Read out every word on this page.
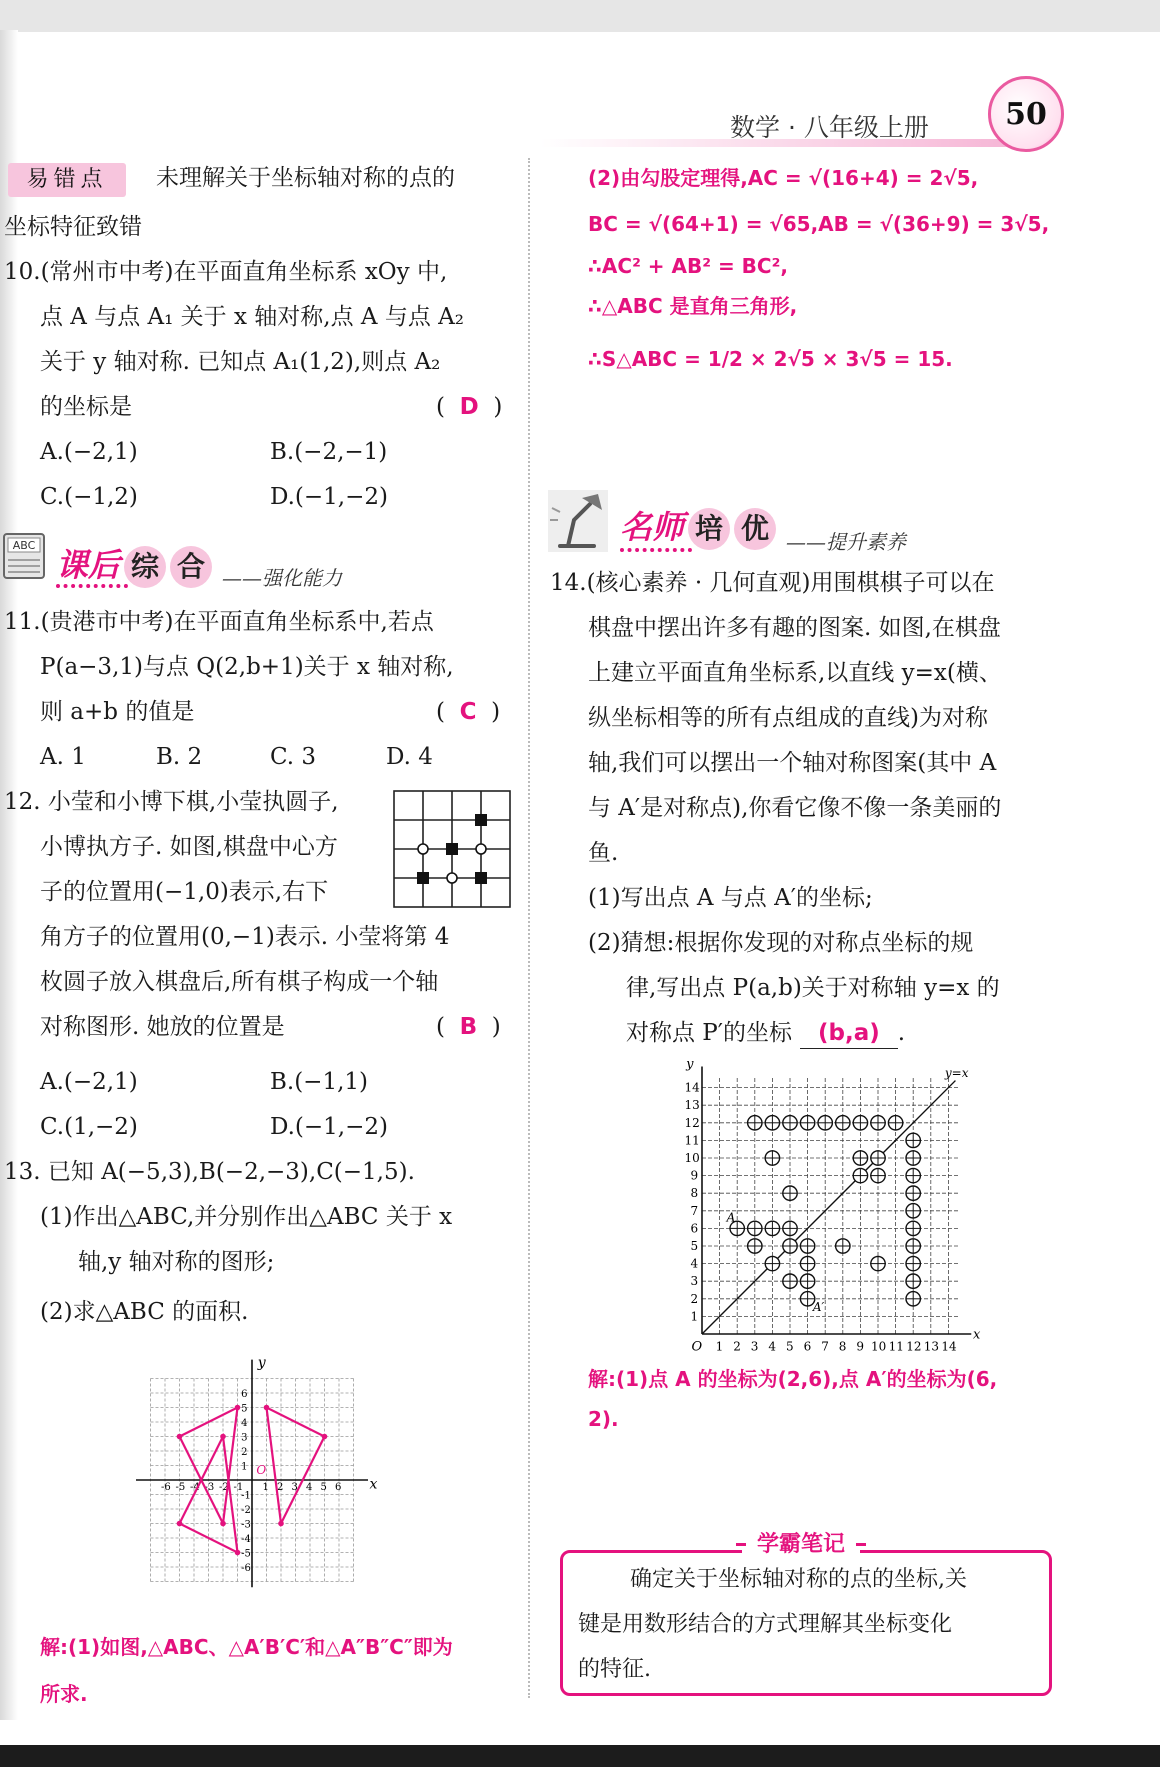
数学 · 八年级上册	50
易错点	未理解关于坐标轴对称的点的
坐标特征致错
10.(常州市中考)在平面直角坐标系 xOy 中,
点 A 与点 A₁ 关于 x 轴对称,点 A 与点 A₂
关于 y 轴对称. 已知点 A₁(1,2),则点 A₂
的坐标是	(  D  )
A.(−2,1)	B.(−2,−1)
C.(−1,2)	D.(−1,−2)
ABC
课后 综 合 ——强化能力
11.(贵港市中考)在平面直角坐标系中,若点
P(a−3,1)与点 Q(2,b+1)关于 x 轴对称,
则 a+b 的值是	(  C  )
A. 1	B. 2	C. 3	D. 4
12. 小莹和小博下棋,小莹执圆子,
小博执方子. 如图,棋盘中心方
子的位置用(−1,0)表示,右下
角方子的位置用(0,−1)表示. 小莹将第 4
枚圆子放入棋盘后,所有棋子构成一个轴
对称图形. 她放的位置是	(  B  )
A.(−2,1)	B.(−1,1)
C.(1,−2)	D.(−1,−2)
13. 已知 A(−5,3),B(−2,−3),C(−1,5).
(1)作出△ABC,并分别作出△ABC 关于 x
轴,y 轴对称的图形;
(2)求△ABC 的面积.
x
y
O
-6
-6
-5
-5
-4
-4
-3
-3
-2
-2
-1
-1
1
1
2
2
3
3
4
4
5
5
6
6
解:(1)如图,△ABC、△A′B′C′和△A″B″C″即为
所求.
(2)由勾股定理得,AC = √(16+4) = 2√5,
BC = √(64+1) = √65,AB = √(36+9) = 3√5,
∴AC² + AB² = BC²,
∴△ABC 是直角三角形,
∴S△ABC = 1/2 × 2√5 × 3√5 = 15.
名师 培 优 ——提升素养
14.(核心素养 · 几何直观)用围棋棋子可以在
棋盘中摆出许多有趣的图案. 如图,在棋盘
上建立平面直角坐标系,以直线 y=x(横、
纵坐标相等的所有点组成的直线)为对称
轴,我们可以摆出一个轴对称图案(其中 A
与 A′是对称点),你看它像不像一条美丽的
鱼.
(1)写出点 A 与点 A′的坐标;
(2)猜想:根据你发现的对称点坐标的规
律,写出点 P(a,b)关于对称轴 y=x 的
对称点 P′的坐标 (b,a) .
y=x
x
y
O 1
1
2
2
3
3
4
4
5
5
6
6
7
7
8
8
9
9
10
10
11
11
12
12
13
13
14
14
A
A′
解:(1)点 A 的坐标为(2,6),点 A′的坐标为(6,
2).
学霸笔记
确定关于坐标轴对称的点的坐标,关
键是用数形结合的方式理解其坐标变化
的特征.
